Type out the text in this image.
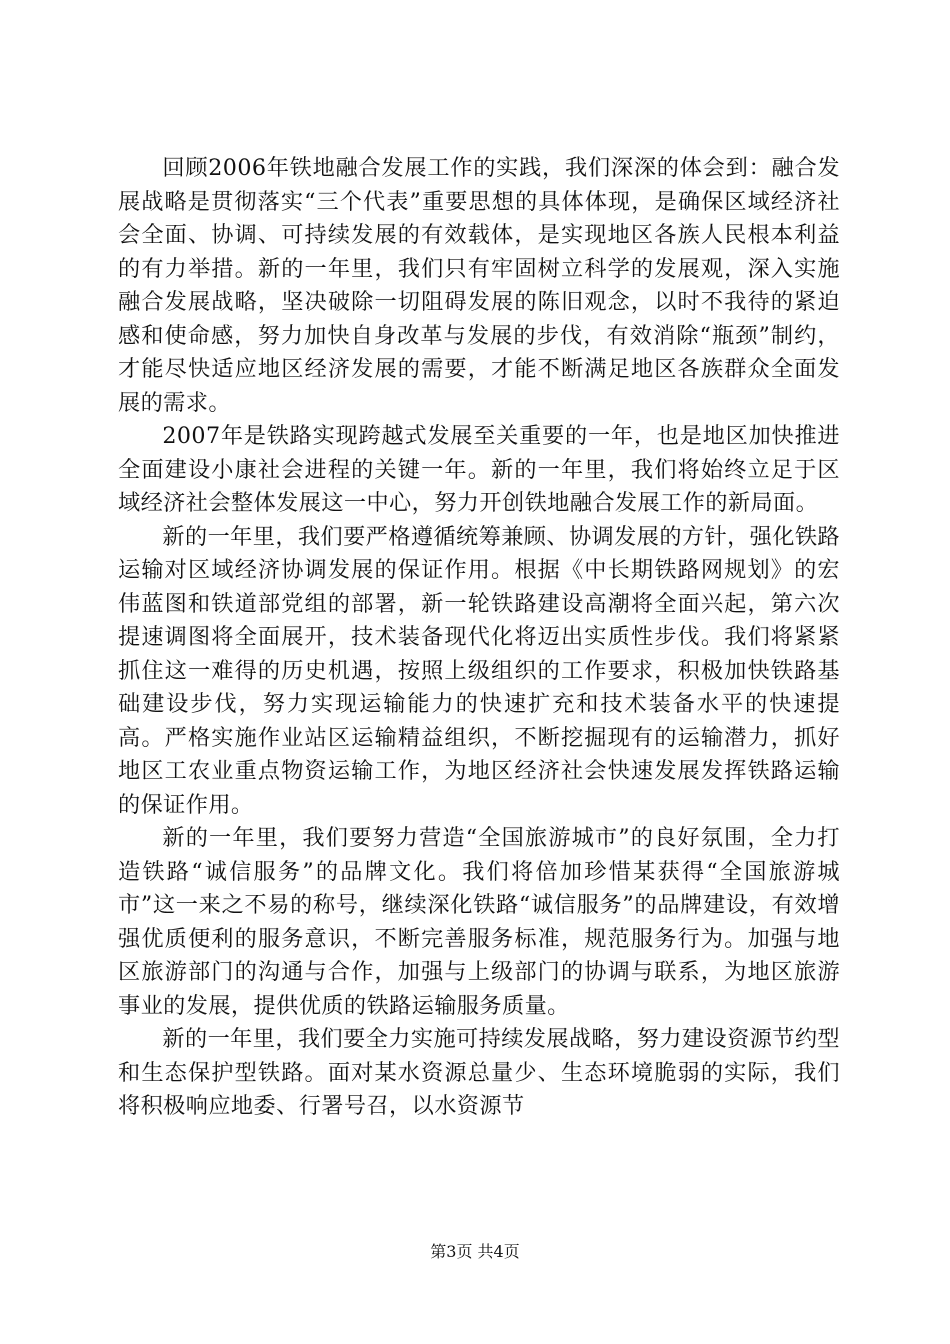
回顾2006年铁地融合发展工作的实践，我们深深的体会到：融合发展战略是贯彻落实“三个代表”重要思想的具体体现，是确保区域经济社会全面、协调、可持续发展的有效载体，是实现地区各族人民根本利益的有力举措。新的一年里，我们只有牢固树立科学的发展观，深入实施融合发展战略，坚决破除一切阻碍发展的陈旧观念，以时不我待的紧迫感和使命感，努力加快自身改革与发展的步伐，有效消除“瓶颈”制约，才能尽快适应地区经济发展的需要，才能不断满足地区各族群众全面发展的需求。

2007年是铁路实现跨越式发展至关重要的一年，也是地区加快推进全面建设小康社会进程的关键一年。新的一年里，我们将始终立足于区域经济社会整体发展这一中心，努力开创铁地融合发展工作的新局面。

新的一年里，我们要严格遵循统筹兼顾、协调发展的方针，强化铁路运输对区域经济协调发展的保证作用。根据《中长期铁路网规划》的宏伟蓝图和铁道部党组的部署，新一轮铁路建设高潮将全面兴起，第六次提速调图将全面展开，技术装备现代化将迈出实质性步伐。我们将紧紧抓住这一难得的历史机遇，按照上级组织的工作要求，积极加快铁路基础建设步伐，努力实现运输能力的快速扩充和技术装备水平的快速提高。严格实施作业站区运输精益组织，不断挖掘现有的运输潜力，抓好地区工农业重点物资运输工作，为地区经济社会快速发展发挥铁路运输的保证作用。

新的一年里，我们要努力营造“全国旅游城市”的良好氛围，全力打造铁路“诚信服务”的品牌文化。我们将倍加珍惜某获得“全国旅游城市”这一来之不易的称号，继续深化铁路“诚信服务”的品牌建设，有效增强优质便利的服务意识，不断完善服务标准，规范服务行为。加强与地区旅游部门的沟通与合作，加强与上级部门的协调与联系，为地区旅游事业的发展，提供优质的铁路运输服务质量。

新的一年里，我们要全力实施可持续发展战略，努力建设资源节约型和生态保护型铁路。面对某水资源总量少、生态环境脆弱的实际，我们将积极响应地委、行署号召，以水资源节

第3页 共4页
